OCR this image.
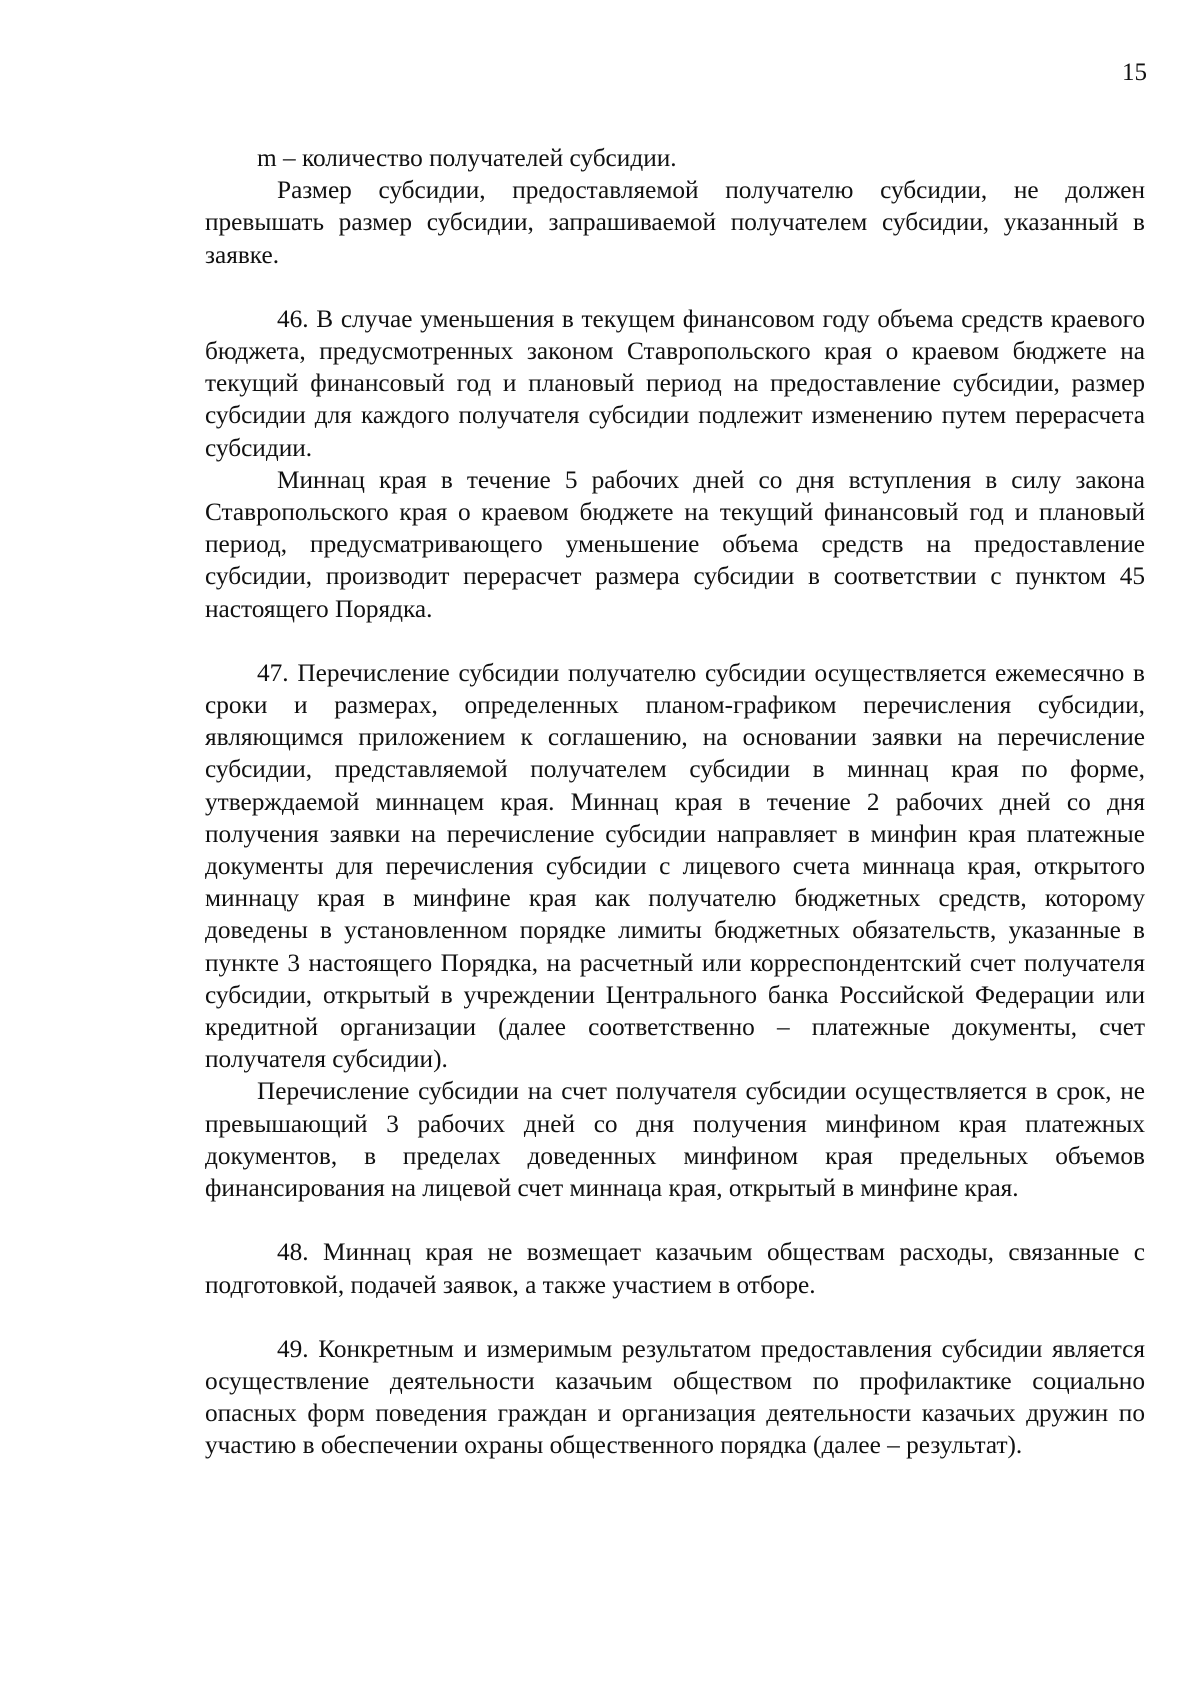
15

m – количество получателей субсидии.

Размер субсидии, предоставляемой получателю субсидии, не должен превышать размер субсидии, запрашиваемой получателем субсидии, указанный в заявке.

46. В случае уменьшения в текущем финансовом году объема средств краевого бюджета, предусмотренных законом Ставропольского края о краевом бюджете на текущий финансовый год и плановый период на предоставление субсидии, размер субсидии для каждого получателя субсидии подлежит изменению путем перерасчета субсидии.

Миннац края в течение 5 рабочих дней со дня вступления в силу закона Ставропольского края о краевом бюджете на текущий финансовый год и плановый период, предусматривающего уменьшение объема средств на предоставление субсидии, производит перерасчет размера субсидии в соответствии с пунктом 45 настоящего Порядка.

47. Перечисление субсидии получателю субсидии осуществляется ежемесячно в сроки и размерах, определенных планом-графиком перечисления субсидии, являющимся приложением к соглашению, на основании заявки на перечисление субсидии, представляемой получателем субсидии в миннац края по форме, утверждаемой миннацем края. Миннац края в течение 2 рабочих дней со дня получения заявки на перечисление субсидии направляет в минфин края платежные документы для перечисления субсидии с лицевого счета миннаца края, открытого миннацу края в минфине края как получателю бюджетных средств, которому доведены в установленном порядке лимиты бюджетных обязательств, указанные в пункте 3 настоящего Порядка, на расчетный или корреспондентский счет получателя субсидии, открытый в учреждении Центрального банка Российской Федерации или кредитной организации (далее соответственно – платежные документы, счет получателя субсидии).

Перечисление субсидии на счет получателя субсидии осуществляется в срок, не превышающий 3 рабочих дней со дня получения минфином края платежных документов, в пределах доведенных минфином края предельных объемов финансирования на лицевой счет миннаца края, открытый в минфине края.

48. Миннац края не возмещает казачьим обществам расходы, связанные с подготовкой, подачей заявок, а также участием в отборе.

49. Конкретным и измеримым результатом предоставления субсидии является осуществление деятельности казачьим обществом по профилактике социально опасных форм поведения граждан и организация деятельности казачьих дружин по участию в обеспечении охраны общественного порядка (далее – результат).
